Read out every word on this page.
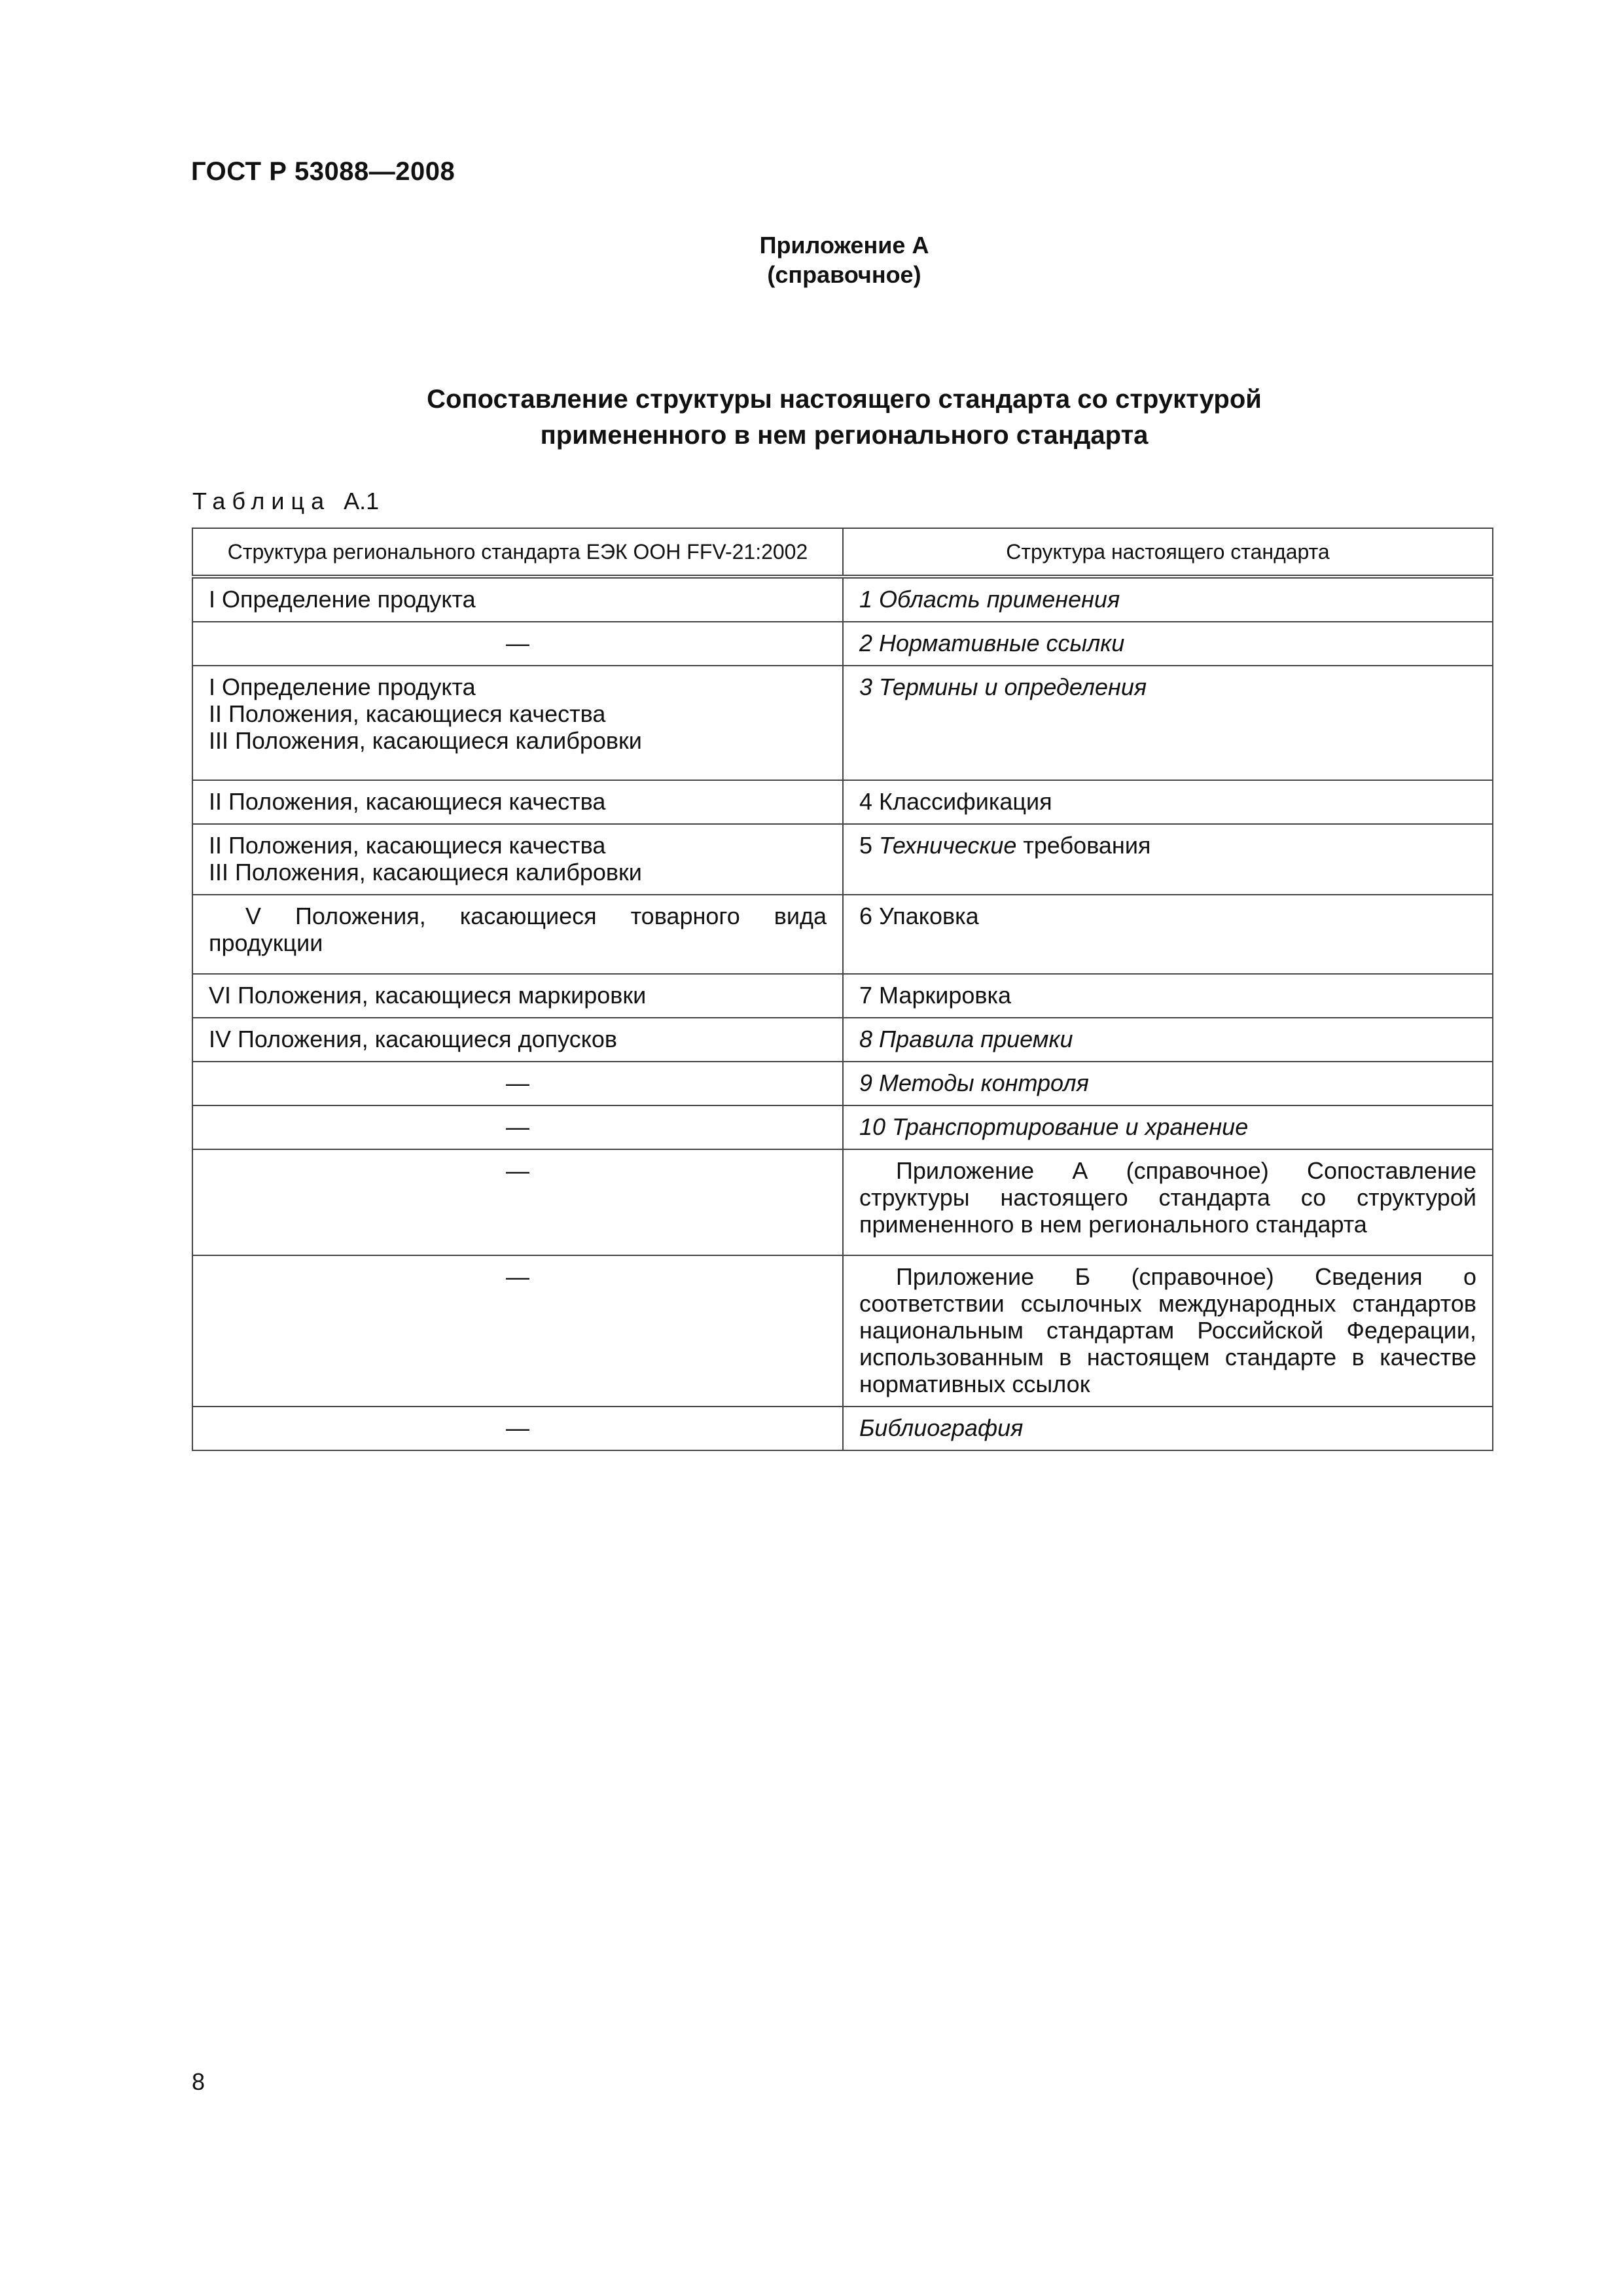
ГОСТ Р 53088—2008
Приложение А
(справочное)
Сопоставление структуры настоящего стандарта со структурой
примененного в нем регионального стандарта
Таблица А.1
Структура регионального стандарта ЕЭК ООН FFV-21:2002	Структура настоящего стандарта

I Определение продукта	1 Область применения
—	2 Нормативные ссылки

I Определение продукта
II Положения, касающиеся качества
III Положения, касающиеся калибровки	3 Термины и определения

II Положения, касающиеся качества	4 Классификация

II Положения, касающиеся качества
III Положения, касающиеся калибровки	5 Технические требования
V Положения, касающиеся товарного вида продукции	6 Упаковка

VI Положения, касающиеся маркировки	7 Маркировка

IV Положения, касающиеся допусков	8 Правила приемки
—	9 Методы контроля
—	10 Транспортирование и хранение
—	Приложение А (справочное) Сопоставление структуры настоящего стандарта со структурой примененного в нем регионального стандарта
—	Приложение Б (справочное) Сведения о соответствии ссылочных международных стандартов национальным стандартам Российской Федерации, использованным в настоящем стандарте в качестве нормативных ссылок
—	Библиография
8
